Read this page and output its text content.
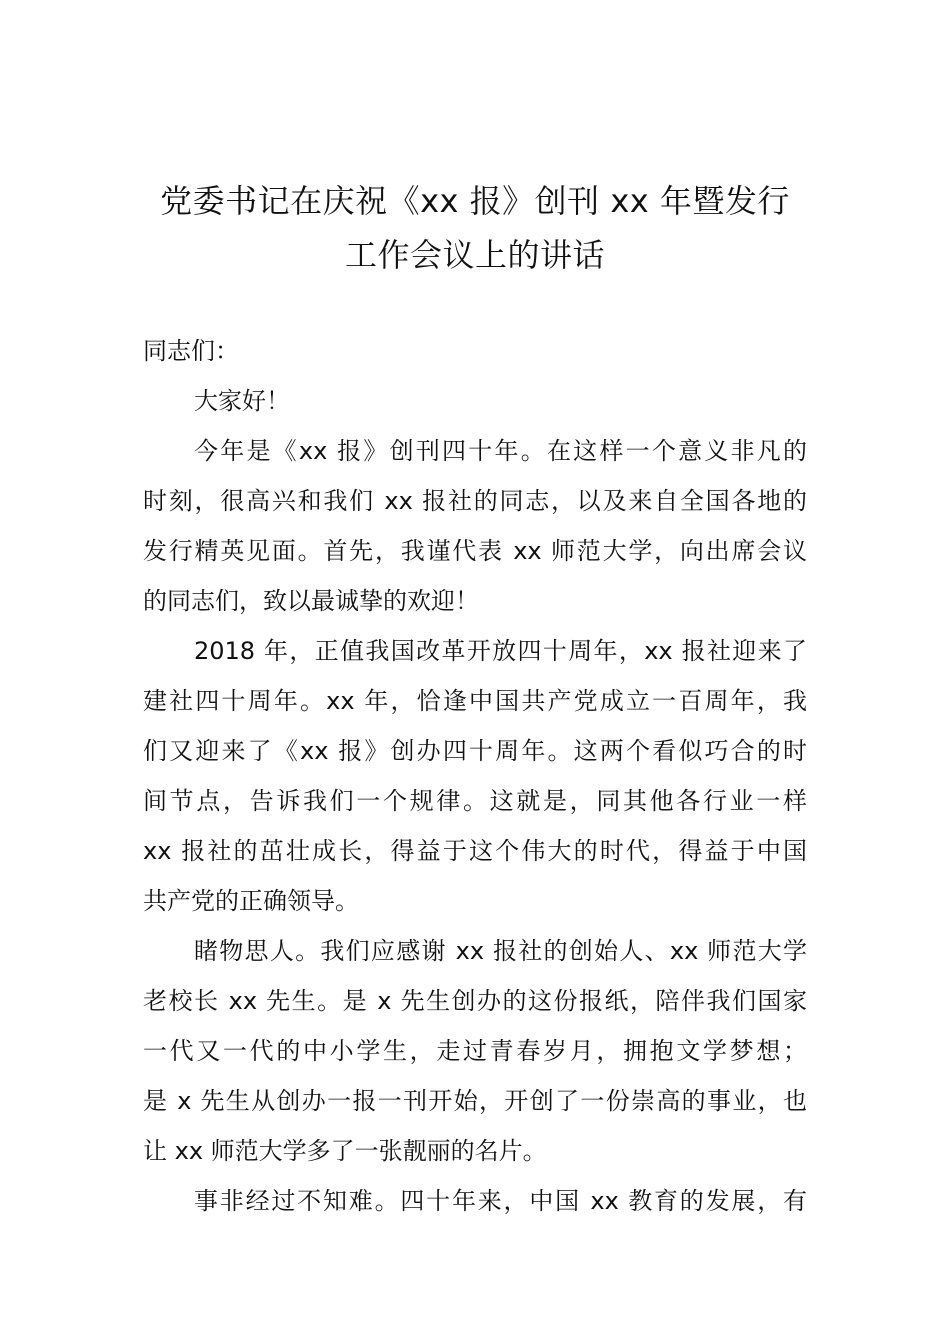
党委书记在庆祝《xx 报》创刊 xx 年暨发行
工作会议上的讲话
同志们：
大家好！
今年是《xx 报》创刊四十年。在这样一个意义非凡的
时刻，很高兴和我们 xx 报社的同志，以及来自全国各地的
发行精英见面。首先，我谨代表 xx 师范大学，向出席会议
的同志们，致以最诚挚的欢迎！
2018 年，正值我国改革开放四十周年，xx 报社迎来了
建社四十周年。xx 年，恰逢中国共产党成立一百周年，我
们又迎来了《xx 报》创办四十周年。这两个看似巧合的时
间节点，告诉我们一个规律。这就是，同其他各行业一样
xx 报社的茁壮成长，得益于这个伟大的时代，得益于中国
共产党的正确领导。
睹物思人。我们应感谢 xx 报社的创始人、xx 师范大学
老校长 xx 先生。是 x 先生创办的这份报纸，陪伴我们国家
一代又一代的中小学生，走过青春岁月，拥抱文学梦想；
是 x 先生从创办一报一刊开始，开创了一份崇高的事业，也
让 xx 师范大学多了一张靓丽的名片。
事非经过不知难。四十年来，中国 xx 教育的发展，有
